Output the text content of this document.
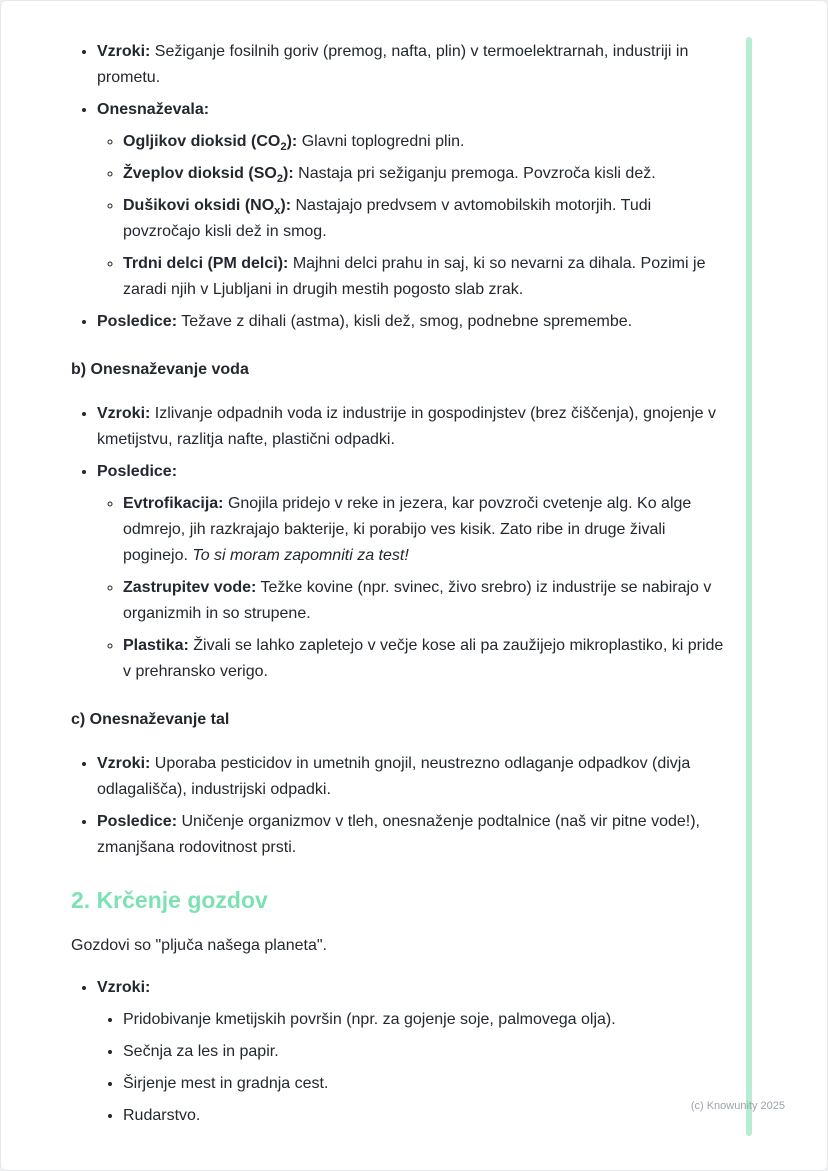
• Vzroki: Sežiganje fosilnih goriv (premog, nafta, plin) v termoelektrarnah, industriji in prometu.
• Onesnaževala:
◦ Ogljikov dioksid $(CO_2)$: Glavni toplogredni plin.
◦ Žveplov dioksid $(SO_2)$: Nastaja pri sežiganju premoga. Povzroča kisli dež.
◦ Dušikovi oksidi $(NO_x)$: Nastajajo predvsem v avtomobilskih motorjih. Tudi povzročajo kisli dež in smog.
◦ Trdni delci (PM delci): Majhni delci prahu in saj, ki so nevarni za dihala. Pozimi je zaradi njih v Ljubljani in drugih mestih pogosto slab zrak.
• Posledice: Težave z dihali (astma), kisli dež, smog, podnebne spremembe.
b) Onesnaževanje voda
• Vzroki: Izlivanje odpadnih voda iz industrije in gospodinjstev (brez čiščenja), gnojenje v kmetijstvu, razlitja nafte, plastični odpadki.
• Posledice:
◦ Evtrofikacija: Gnojila pridejo v reke in jezera, kar povzroči cvetenje alg. Ko alge odmrejo, jih razkrajajo bakterije, ki porabijo ves kisik. Zato ribe in druge živali poginejo. To si moram zapomniti za test!
◦ Zastrupitev vode: Težke kovine (npr. svinec, živo srebro) iz industrije se nabirajo v organizmih in so strupene.
◦ Plastika: Živali se lahko zapletejo v večje kose ali pa zaužijejo mikroplastiko, ki pride v prehransko verigo.
c) Onesnaževanje tal
• Vzroki: Uporaba pesticidov in umetnih gnojil, neustrezno odlaganje odpadkov (divja odlagališča), industrijski odpadki.
• Posledice: Uničenje organizmov v tleh, onesnaženje podtalnice (naš vir pitne vode!), zmanjšana rodovitnost prsti.
2. Krčenje gozdov

Gozdovi so "pljuča našega planeta".

• Vzroki:
• Pridobivanje kmetijskih površin (npr. za gojenje soje, palmovega olja).
• Sečnja za les in papir.
• Širjenje mest in gradnja cest.
• Rudarstvo.
(c) Knowunity 2025
